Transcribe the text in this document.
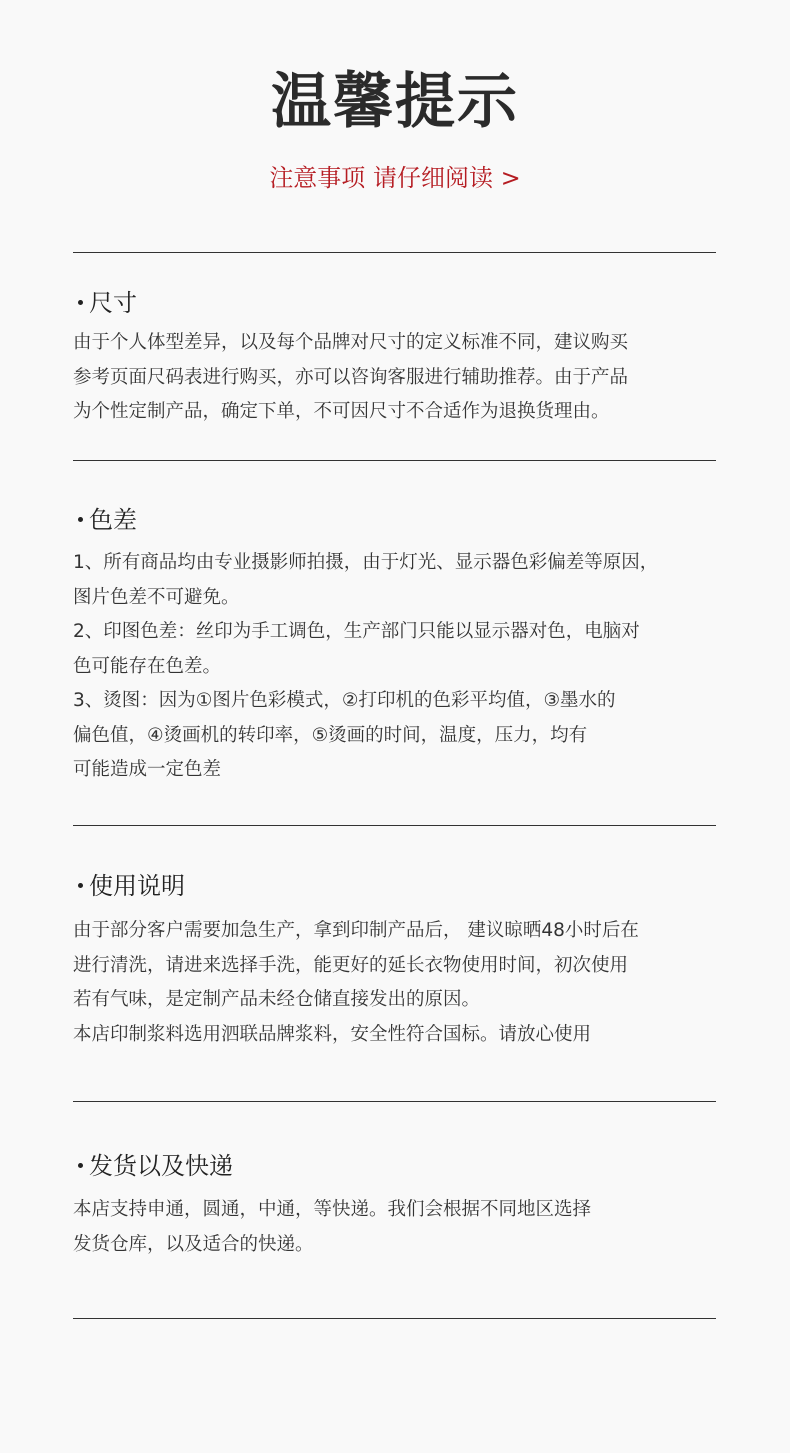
温馨提示
注意事项 请仔细阅读 >
尺寸
由于个人体型差异，以及每个品牌对尺寸的定义标准不同，建议购买
参考页面尺码表进行购买，亦可以咨询客服进行辅助推荐。由于产品
为个性定制产品，确定下单，不可因尺寸不合适作为退换货理由。
色差
1、所有商品均由专业摄影师拍摄，由于灯光、显示器色彩偏差等原因，
图片色差不可避免。
2、印图色差：丝印为手工调色，生产部门只能以显示器对色，电脑对
色可能存在色差。
3、烫图：因为①图片色彩模式，②打印机的色彩平均值，③墨水的
偏色值，④烫画机的转印率，⑤烫画的时间，温度，压力，均有
可能造成一定色差
使用说明
由于部分客户需要加急生产，拿到印制产品后， 建议晾晒48小时后在
进行清洗，请进来选择手洗，能更好的延长衣物使用时间，初次使用
若有气味，是定制产品未经仓储直接发出的原因。
本店印制浆料选用泗联品牌浆料，安全性符合国标。请放心使用
发货以及快递
本店支持申通，圆通，中通，等快递。我们会根据不同地区选择
发货仓库，以及适合的快递。
